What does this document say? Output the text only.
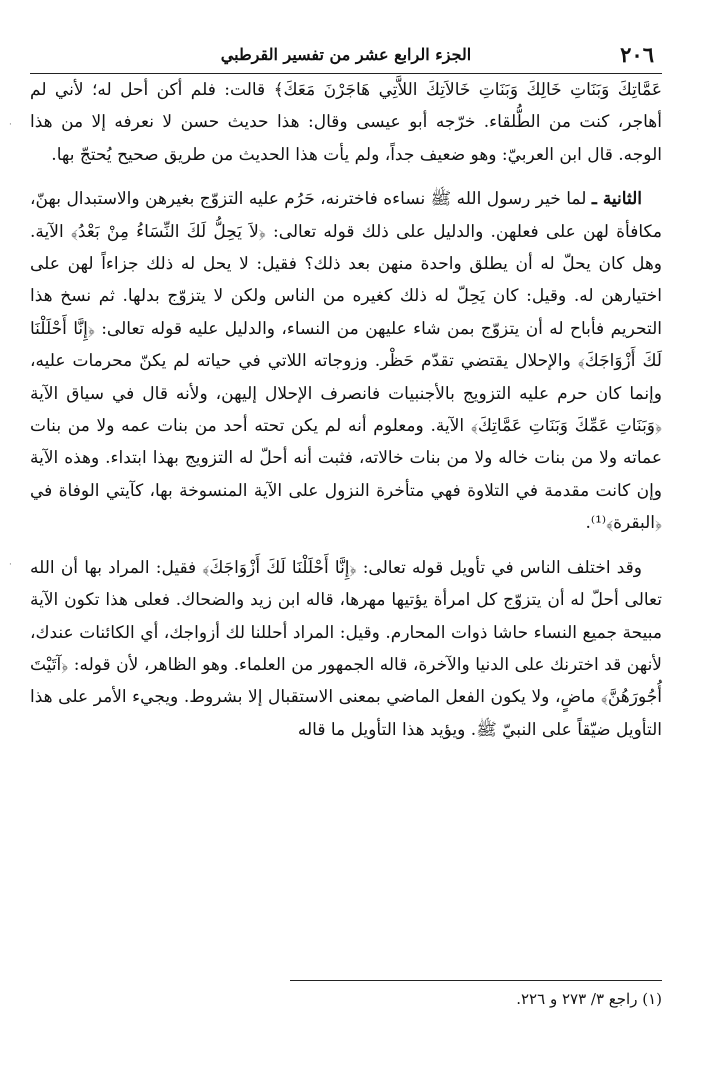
٢٠٦
الجزء الرابع عشر من تفسير القرطبي
·
·

عَمَّاتِكَ وَبَنَاتِ خَالِكَ وَبَنَاتِ خَالاَتِكَ اللاَّتِي هَاجَرْنَ مَعَكَ﴾ قالت: فلم أكن أحل له؛ لأني لم أهاجر، كنت من الطُّلقاء. خرّجه أبو عيسى وقال: هذا حديث حسن لا نعرفه إلا من هذا الوجه. قال ابن العربيّ: وهو ضعيف جداً، ولم يأت هذا الحديث من طريق صحيح يُحتجّ بها.

الثانية ـ لما خير رسول الله ﷺ نساءه فاخترنه، حَرُم عليه التزوّج بغيرهن والاستبدال بهنّ، مكافأة لهن على فعلهن. والدليل على ذلك قوله تعالى: ﴿لاَ يَحِلُّ لَكَ النِّسَاءُ مِنْ بَعْدُ﴾ الآية. وهل كان يحلّ له أن يطلق واحدة منهن بعد ذلك؟ فقيل: لا يحل له ذلك جزاءاً لهن على اختيارهن له. وقيل: كان يَحِلّ له ذلك كغيره من الناس ولكن لا يتزوّج بدلها. ثم نسخ هذا التحريم فأباح له أن يتزوّج بمن شاء عليهن من النساء، والدليل عليه قوله تعالى: ﴿إِنَّا أَحْلَلْنَا لَكَ أَزْوَاجَكَ﴾ والإحلال يقتضي تقدّم حَظْر. وزوجاته اللاتي في حياته لم يكنّ محرمات عليه، وإنما كان حرم عليه التزويج بالأجنبيات فانصرف الإحلال إليهن، ولأنه قال في سياق الآية ﴿وَبَنَاتِ عَمِّكَ وَبَنَاتِ عَمَّاتِكَ﴾ الآية. ومعلوم أنه لم يكن تحته أحد من بنات عمه ولا من بنات عماته ولا من بنات خاله ولا من بنات خالاته، فثبت أنه أحلّ له التزويج بهذا ابتداء. وهذه الآية وإن كانت مقدمة في التلاوة فهي متأخرة النزول على الآية المنسوخة بها، كآيتي الوفاة في ﴿البقرة﴾⁽¹⁾.

وقد اختلف الناس في تأويل قوله تعالى: ﴿إِنَّا أَحْلَلْنَا لَكَ أَزْوَاجَكَ﴾ فقيل: المراد بها أن الله تعالى أحلّ له أن يتزوّج كل امرأة يؤتيها مهرها، قاله ابن زيد والضحاك. فعلى هذا تكون الآية مبيحة جميع النساء حاشا ذوات المحارم. وقيل: المراد أحللنا لك أزواجك، أي الكائنات عندك، لأنهن قد اخترنك على الدنيا والآخرة، قاله الجمهور من العلماء. وهو الظاهر، لأن قوله: ﴿آتَيْتَ أُجُورَهُنَّ﴾ ماضٍ، ولا يكون الفعل الماضي بمعنى الاستقبال إلا بشروط. ويجيء الأمر على هذا التأويل ضيّقاً على النبيّ ﷺ. ويؤيد هذا التأويل ما قاله

(١) راجع ٣/ ٢٧٣ و ٢٢٦.
